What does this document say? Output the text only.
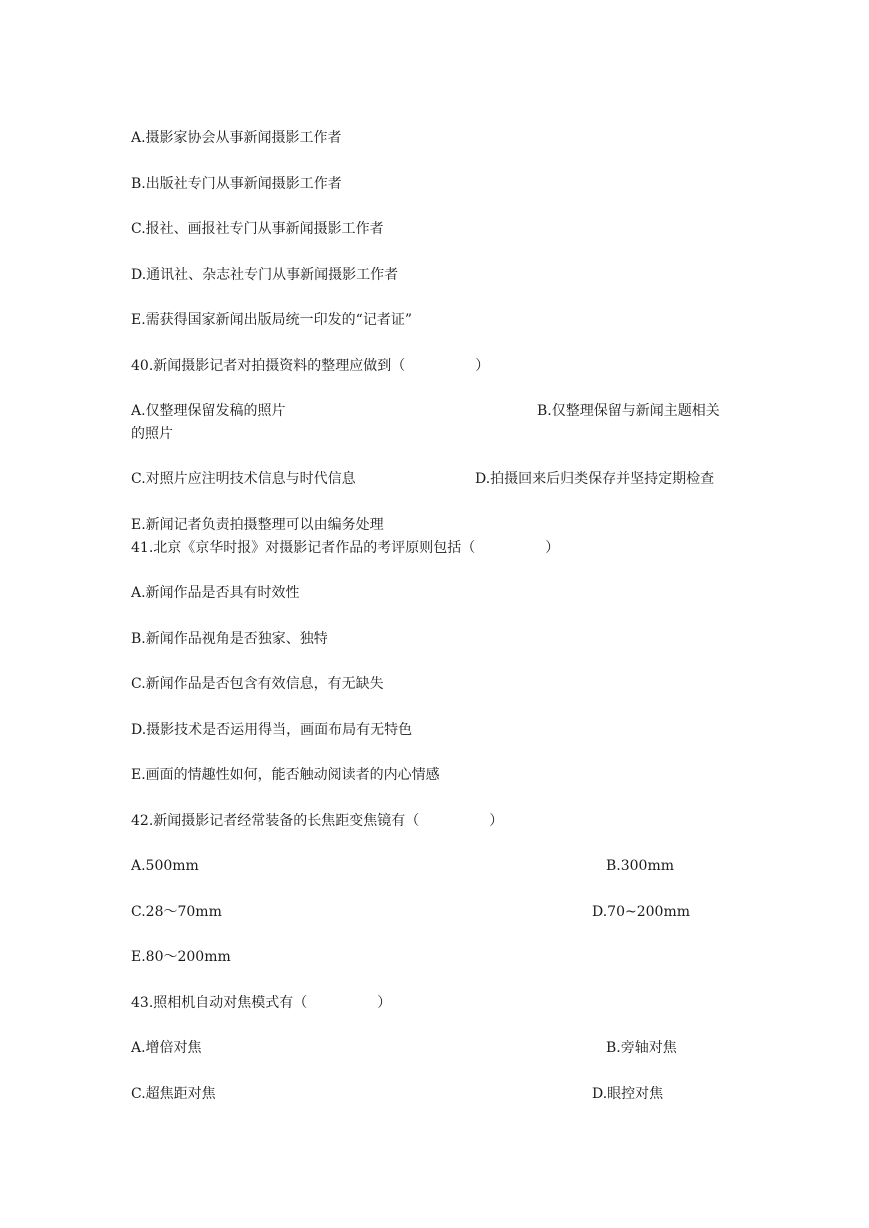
A.摄影家协会从事新闻摄影工作者
B.出版社专门从事新闻摄影工作者
C.报社、画报社专门从事新闻摄影工作者
D.通讯社、杂志社专门从事新闻摄影工作者
E.需获得国家新闻出版局统一印发的“记者证”
40.新闻摄影记者对拍摄资料的整理应做到（　　　　　）
A.仅整理保留发稿的照片	B.仅整理保留与新闻主题相关
的照片
C.对照片应注明技术信息与时代信息	D.拍摄回来后归类保存并坚持定期检查
E.新闻记者负责拍摄整理可以由编务处理
41.北京《京华时报》对摄影记者作品的考评原则包括（　　　　　）
A.新闻作品是否具有时效性
B.新闻作品视角是否独家、独特
C.新闻作品是否包含有效信息，有无缺失
D.摄影技术是否运用得当，画面布局有无特色
E.画面的情趣性如何，能否触动阅读者的内心情感
42.新闻摄影记者经常装备的长焦距变焦镜有（　　　　　）
A.500mm	B.300mm
C.28～70mm	D.70~200mm
E.80～200mm
43.照相机自动对焦模式有（　　　　　）
A.增倍对焦	B.旁轴对焦
C.超焦距对焦	D.眼控对焦
